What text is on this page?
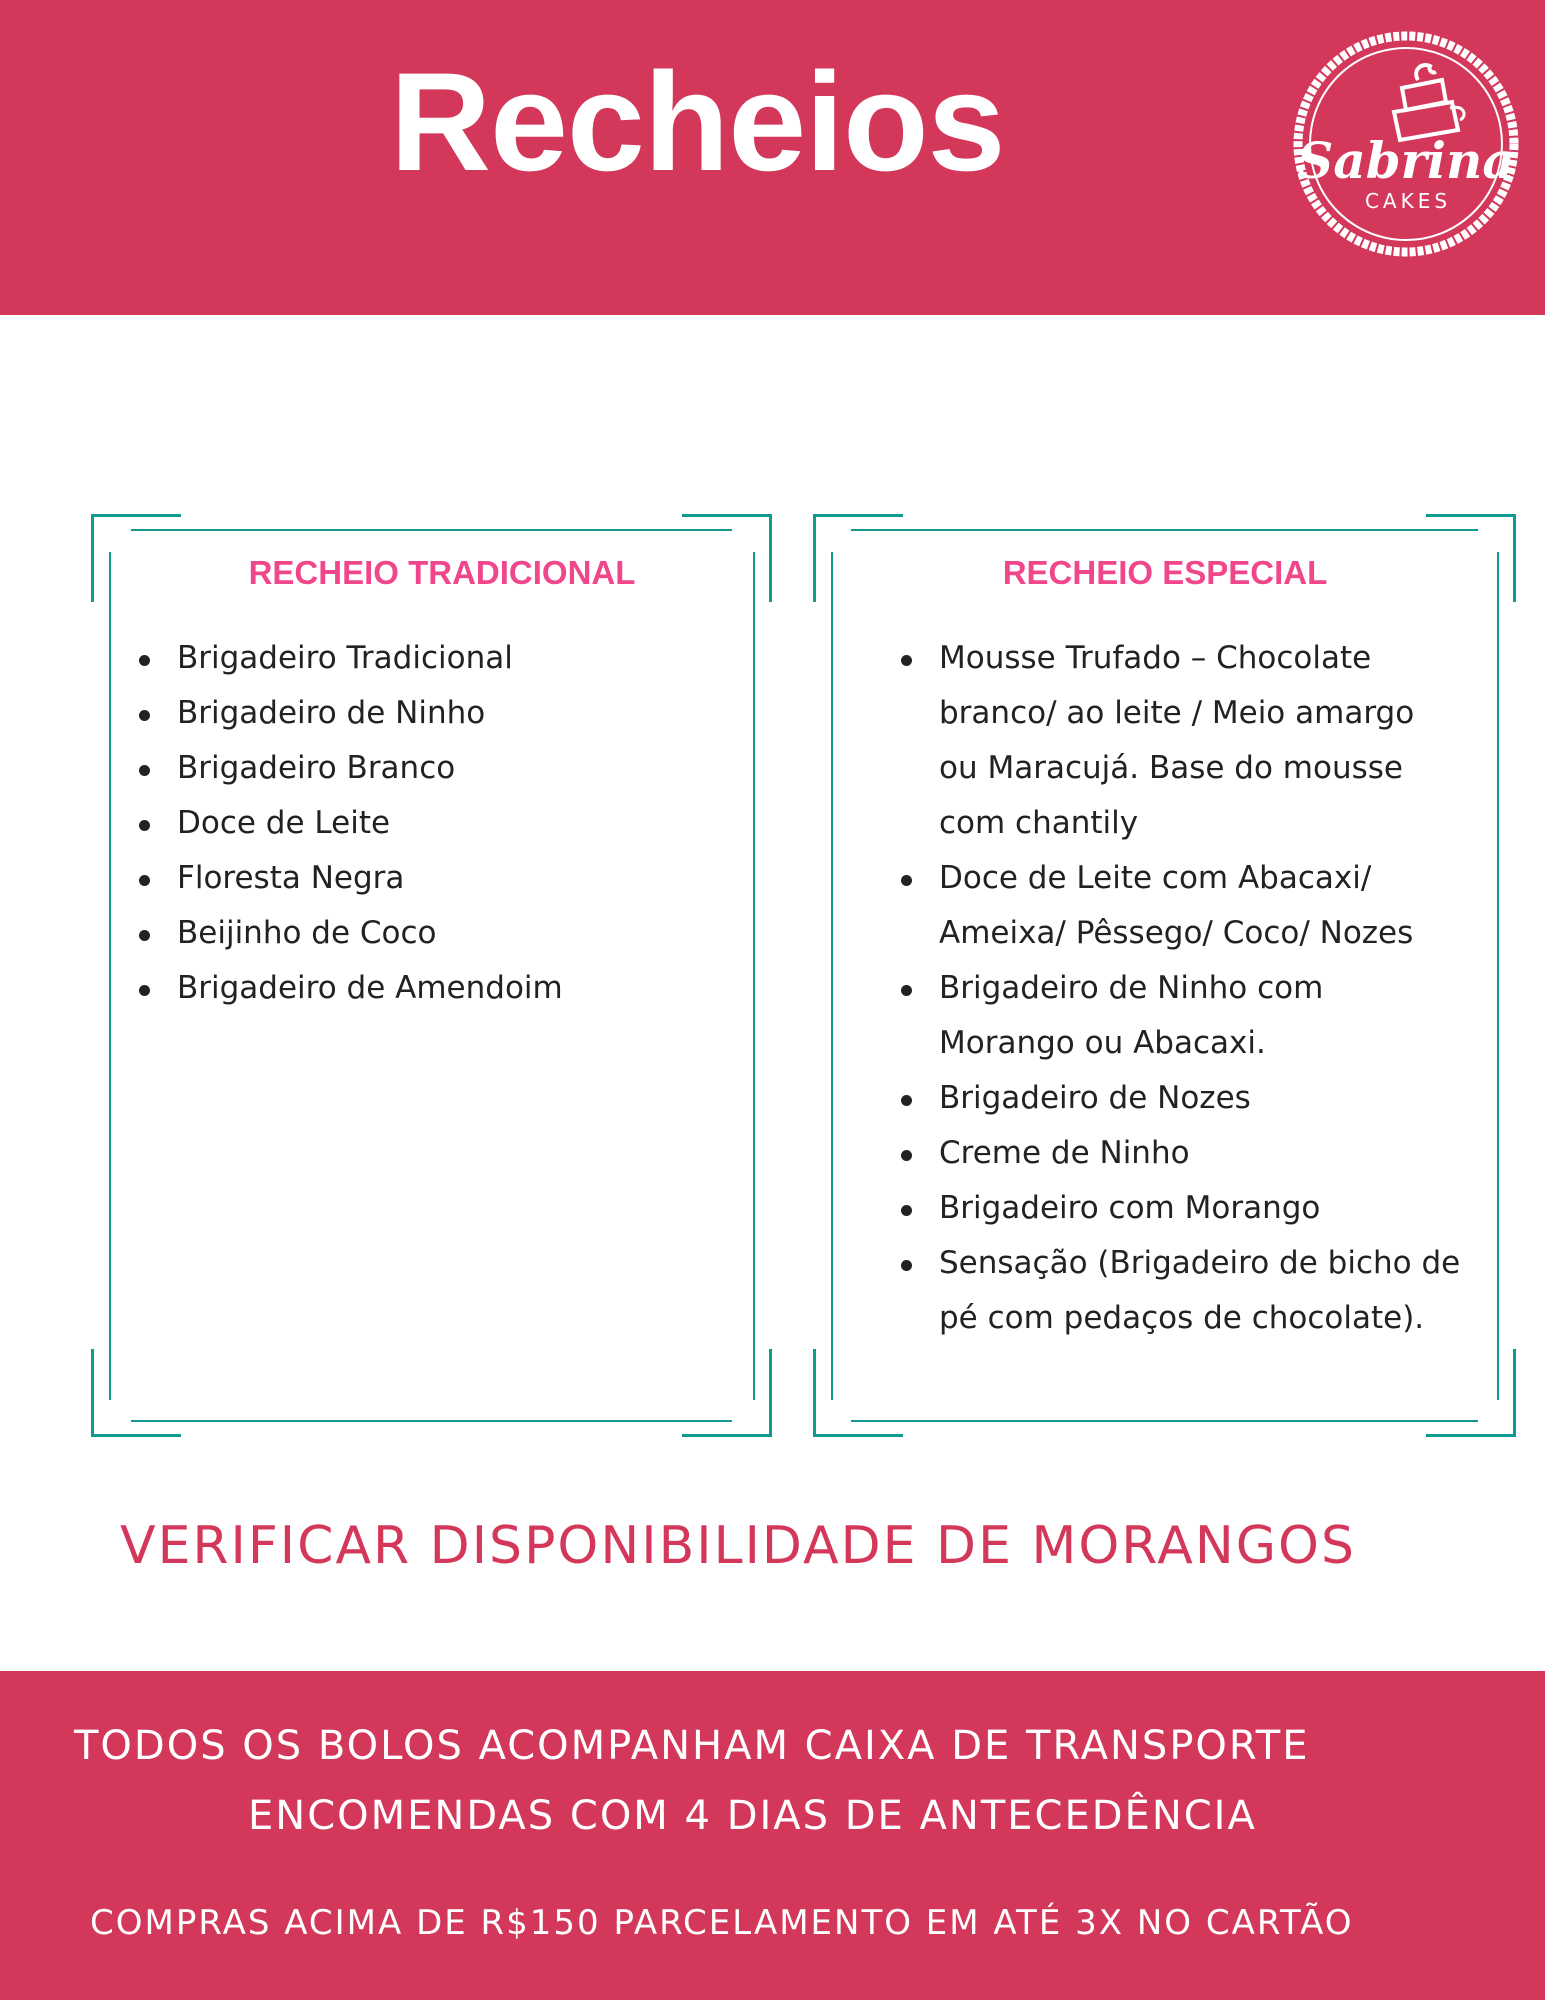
Recheios	Sabrina
CAKES
RECHEIO TRADICIONAL
Brigadeiro Tradicional
Brigadeiro de Ninho
Brigadeiro Branco
Doce de Leite
Floresta Negra
Beijinho de Coco
Brigadeiro de Amendoim
RECHEIO ESPECIAL
Mousse Trufado – Chocolate branco/ ao leite / Meio amargo ou Maracujá. Base do mousse com chantily
Doce de Leite com Abacaxi/ Ameixa/ Pêssego/ Coco/ Nozes
Brigadeiro de Ninho com Morango ou Abacaxi.
Brigadeiro de Nozes
Creme de Ninho
Brigadeiro com Morango
Sensação (Brigadeiro de bicho de pé com pedaços de chocolate).
VERIFICAR DISPONIBILIDADE DE MORANGOS
TODOS OS BOLOS ACOMPANHAM CAIXA DE TRANSPORTE
ENCOMENDAS COM 4 DIAS DE ANTECEDÊNCIA
COMPRAS ACIMA DE R$150 PARCELAMENTO EM ATÉ 3X NO CARTÃO
